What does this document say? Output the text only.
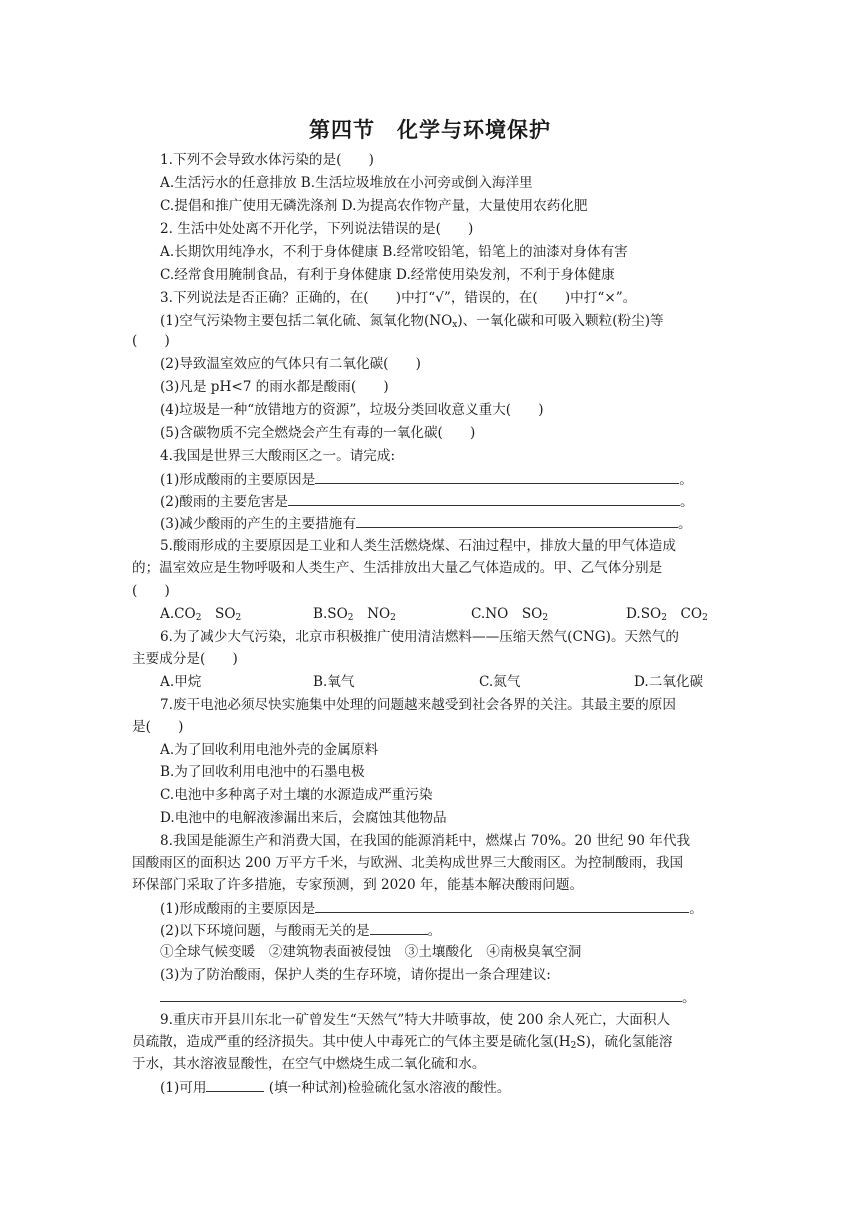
第四节　化学与环境保护
1.下列不会导致水体污染的是(　　)
A.生活污水的任意排放 B.生活垃圾堆放在小河旁或倒入海洋里
C.提倡和推广使用无磷洗涤剂 D.为提高农作物产量，大量使用农药化肥
2. 生活中处处离不开化学，下列说法错误的是(　　)
A.长期饮用纯净水，不利于身体健康 B.经常咬铅笔，铅笔上的油漆对身体有害
C.经常食用腌制食品，有利于身体健康 D.经常使用染发剂，不利于身体健康
3.下列说法是否正确？正确的，在(　　)中打“√”，错误的，在(　　)中打“×”。
(1)空气污染物主要包括二氧化硫、氮氧化物$(NO_x)$、一氧化碳和可吸入颗粒(粉尘)等
(　　)
(2)导致温室效应的气体只有二氧化碳(　　)
(3)凡是 pH<7 的雨水都是酸雨(　　)
(4)垃圾是一种“放错地方的资源”，垃圾分类回收意义重大(　　)
(5)含碳物质不完全燃烧会产生有毒的一氧化碳(　　)
4.我国是世界三大酸雨区之一。请完成:
(1)形成酸雨的主要原因是	。
(2)酸雨的主要危害是	。
(3)减少酸雨的产生的主要措施有	。
5.酸雨形成的主要原因是工业和人类生活燃烧煤、石油过程中，排放大量的甲气体造成
的；温室效应是生物呼吸和人类生产、生活排放出大量乙气体造成的。甲、乙气体分别是
(　　)
$A.CO_2$　$SO_2$	$B.SO_2$　$NO_2$	C.NO　$SO_2$	$D.SO_2$　$CO_2$
6.为了减少大气污染，北京市积极推广使用清洁燃料——压缩天然气(CNG)。天然气的
主要成分是(　　)
A.甲烷	B.氧气	C.氮气	D.二氧化碳
7.废干电池必须尽快实施集中处理的问题越来越受到社会各界的关注。其最主要的原因
是(　　)
A.为了回收利用电池外壳的金属原料
B.为了回收利用电池中的石墨电极
C.电池中多种离子对土壤的水源造成严重污染
D.电池中的电解液渗漏出来后，会腐蚀其他物品
8.我国是能源生产和消费大国，在我国的能源消耗中，燃煤占 70%。20 世纪 90 年代我
国酸雨区的面积达 200 万平方千米，与欧洲、北美构成世界三大酸雨区。为控制酸雨，我国
环保部门采取了许多措施，专家预测，到 2020 年，能基本解决酸雨问题。
(1)形成酸雨的主要原因是	。
(2)以下环境问题，与酸雨无关的是	。
①全球气候变暖　②建筑物表面被侵蚀　③土壤酸化　④南极臭氧空洞
(3)为了防治酸雨，保护人类的生存环境，请你提出一条合理建议:
。
9.重庆市开县川东北一矿曾发生“天然气”特大井喷事故，使 200 余人死亡，大面积人
员疏散，造成严重的经济损失。其中使人中毒死亡的气体主要是硫化氢$(H_2S)$，硫化氢能溶
于水，其水溶液显酸性，在空气中燃烧生成二氧化硫和水。
(1)可用	(填一种试剂)检验硫化氢水溶液的酸性。
